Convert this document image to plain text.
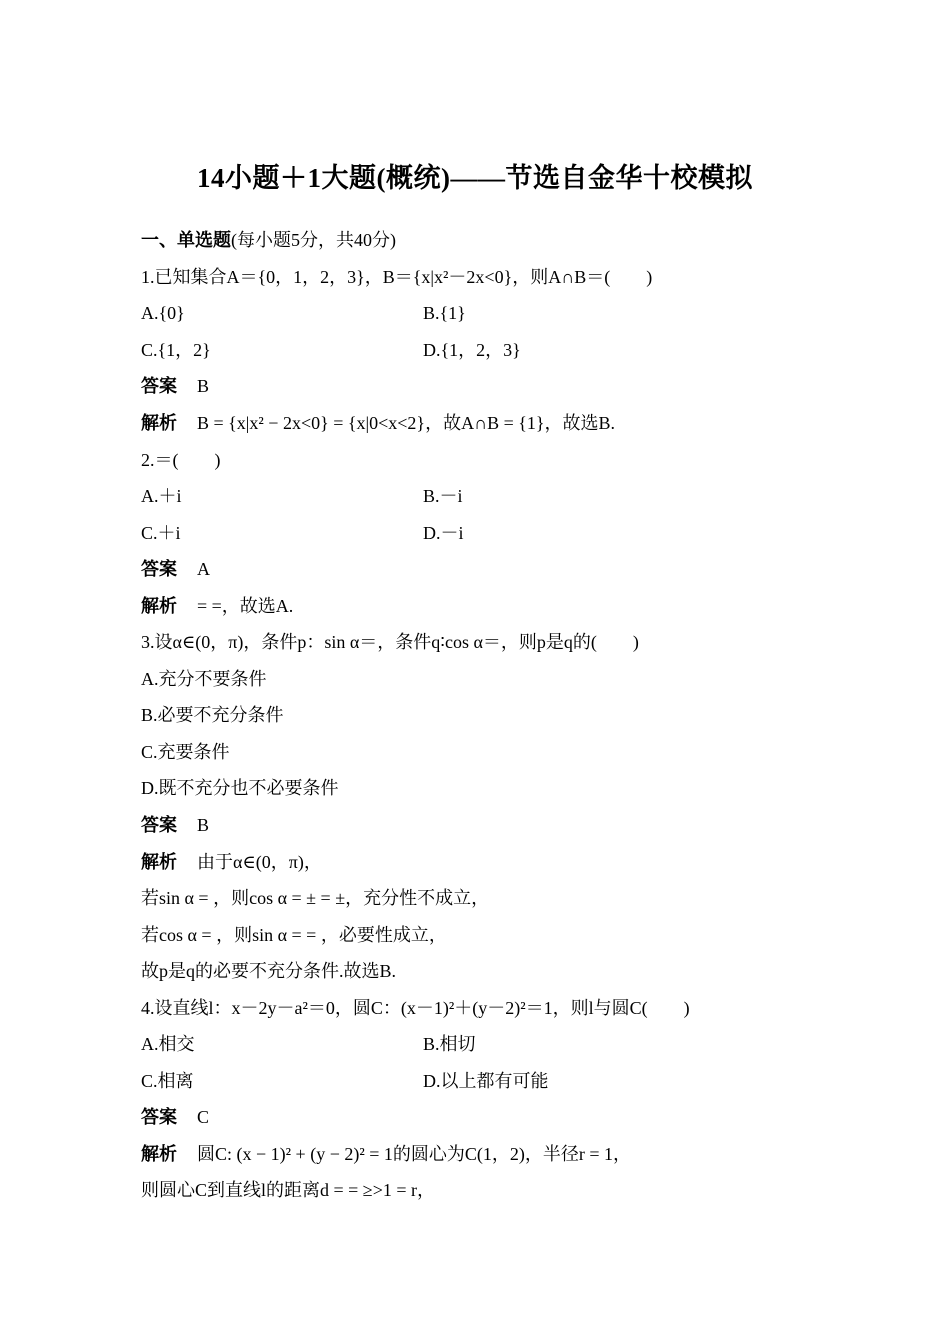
14小题＋1大题(概统)——节选自金华十校模拟
一、单选题(每小题5分，共40分)
1.已知集合A＝{0，1，2，3}，B＝{x|x²－2x<0}，则A∩B＝(　　)
A.{0}	B.{1}
C.{1，2}	D.{1，2，3}
答案 B
解析 B = {x|x² − 2x<0} = {x|0<x<2}，故A∩B = {1}，故选B.
2.＝(　　)
A.＋i	B.－i
C.＋i	D.－i
答案 A
解析 = =，故选A.
3.设α∈(0，π)，条件p：sin α＝，条件q∶cos α＝，则p是q的(　　)
A.充分不要条件
B.必要不充分条件
C.充要条件
D.既不充分也不必要条件
答案 B
解析 由于α∈(0，π)，
若sin α = ，则cos α = ± = ±，充分性不成立，
若cos α = ，则sin α = = ，必要性成立，
故p是q的必要不充分条件.故选B.
4.设直线l：x－2y－a²＝0，圆C：(x－1)²＋(y－2)²＝1，则l与圆C(　　)
A.相交	B.相切
C.相离	D.以上都有可能
答案 C
解析 圆C: (x − 1)² + (y − 2)² = 1的圆心为C(1，2)，半径r = 1，
则圆心C到直线l的距离d = = ≥>1 = r，
